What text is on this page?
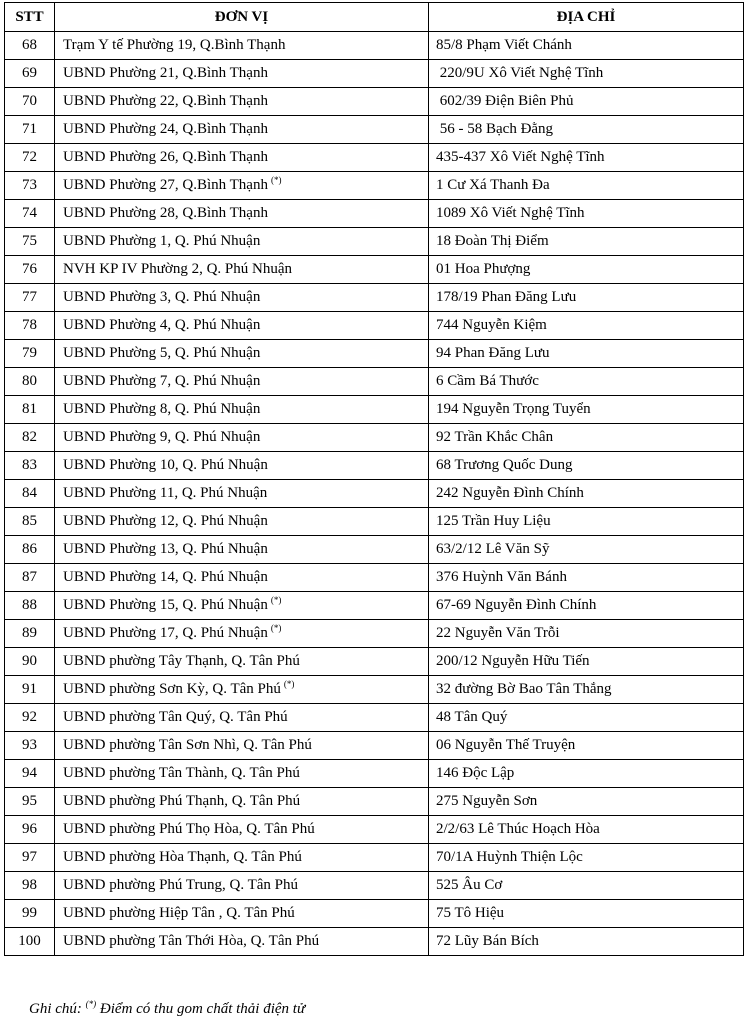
STT	ĐƠN VỊ	ĐỊA CHỈ
68	Trạm Y tế Phường 19, Q.Bình Thạnh	85/8 Phạm Viết Chánh
69	UBND Phường 21, Q.Bình Thạnh	220/9U Xô Viết Nghệ Tĩnh
70	UBND Phường 22, Q.Bình Thạnh	602/39 Điện Biên Phủ
71	UBND Phường 24, Q.Bình Thạnh	56 - 58 Bạch Đằng
72	UBND Phường 26, Q.Bình Thạnh	435-437 Xô Viết Nghệ Tĩnh
73	UBND Phường 27, Q.Bình Thạnh (*)	1 Cư Xá Thanh Đa
74	UBND Phường 28, Q.Bình Thạnh	1089 Xô Viết Nghệ Tĩnh
75	UBND Phường 1, Q. Phú Nhuận	18 Đoàn Thị Điểm
76	NVH KP IV Phường 2, Q. Phú Nhuận	01 Hoa Phượng
77	UBND Phường 3, Q. Phú Nhuận	178/19 Phan Đăng Lưu
78	UBND Phường 4, Q. Phú Nhuận	744 Nguyễn Kiệm
79	UBND Phường 5, Q. Phú Nhuận	94 Phan Đăng Lưu
80	UBND Phường 7, Q. Phú Nhuận	6 Cầm Bá Thước
81	UBND Phường 8, Q. Phú Nhuận	194 Nguyễn Trọng Tuyển
82	UBND Phường 9, Q. Phú Nhuận	92 Trần Khắc Chân
83	UBND Phường 10, Q. Phú Nhuận	68 Trương Quốc Dung
84	UBND Phường 11, Q. Phú Nhuận	242 Nguyễn Đình Chính
85	UBND Phường 12, Q. Phú Nhuận	125 Trần Huy Liệu
86	UBND Phường 13, Q. Phú Nhuận	63/2/12 Lê Văn Sỹ
87	UBND Phường 14, Q. Phú Nhuận	376 Huỳnh Văn Bánh
88	UBND Phường 15, Q. Phú Nhuận (*)	67-69 Nguyễn Đình Chính
89	UBND Phường 17, Q. Phú Nhuận (*)	22 Nguyễn Văn Trỗi
90	UBND phường Tây Thạnh, Q. Tân Phú	200/12 Nguyễn Hữu Tiến
91	UBND phường Sơn Kỳ, Q. Tân Phú (*)	32 đường Bờ Bao Tân Thắng
92	UBND phường Tân Quý, Q. Tân Phú	48 Tân Quý
93	UBND phường Tân Sơn Nhì, Q. Tân Phú	06 Nguyễn Thế Truyện
94	UBND phường Tân Thành, Q. Tân Phú	146 Độc Lập
95	UBND phường Phú Thạnh, Q. Tân Phú	275 Nguyễn Sơn
96	UBND phường Phú Thọ Hòa, Q. Tân Phú	2/2/63 Lê Thúc Hoạch Hòa
97	UBND phường Hòa Thạnh, Q. Tân Phú	70/1A Huỳnh Thiện Lộc
98	UBND phường Phú Trung, Q. Tân Phú	525 Âu Cơ
99	UBND phường Hiệp Tân , Q. Tân Phú	75 Tô Hiệu
100	UBND phường Tân Thới Hòa, Q. Tân Phú	72 Lũy Bán Bích
Ghi chú: (*) Điểm có thu gom chất thải điện tử
